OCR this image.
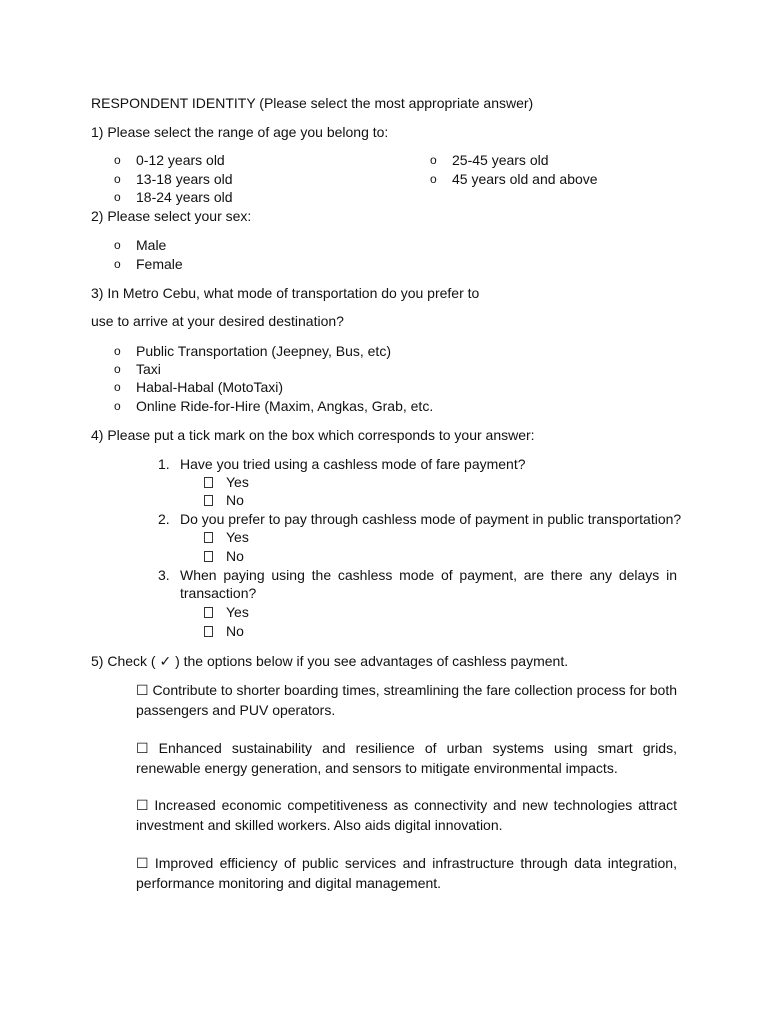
RESPONDENT IDENTITY (Please select the most appropriate answer)
1) Please select the range of age you belong to:
o 0-12 years old
o 13-18 years old
o 18-24 years old
o 25-45 years old
o 45 years old and above
2) Please select your sex:
o Male
o Female
3) In Metro Cebu, what mode of transportation do you prefer to
use to arrive at your desired destination?
o Public Transportation (Jeepney, Bus, etc)
o Taxi
o Habal-Habal (MotoTaxi)
o Online Ride-for-Hire (Maxim, Angkas, Grab, etc.
4) Please put a tick mark on the box which corresponds to your answer:
1. Have you tried using a cashless mode of fare payment?
Yes
No
2. Do you prefer to pay through cashless mode of payment in public transportation?
Yes
No
3. When paying using the cashless mode of payment, are there any delays in transaction?
Yes
No
5) Check ( ✓ ) the options below if you see advantages of cashless payment.
☐ Contribute to shorter boarding times, streamlining the fare collection process for both passengers and PUV operators.
☐ Enhanced sustainability and resilience of urban systems using smart grids, renewable energy generation, and sensors to mitigate environmental impacts.
☐ Increased economic competitiveness as connectivity and new technologies attract investment and skilled workers. Also aids digital innovation.
☐ Improved efficiency of public services and infrastructure through data integration, performance monitoring and digital management.
